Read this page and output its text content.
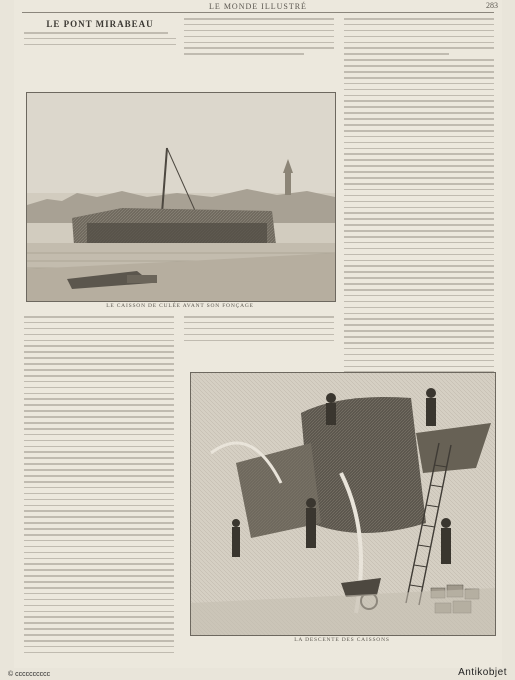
LE MONDE ILLUSTRÉ	283
LE PONT MIRABEAU
LE CAISSON DE CULÉE AVANT SON FONÇAGE
LA DESCENTE DES CAISSONS
© cccccccccc	Antikobjet
